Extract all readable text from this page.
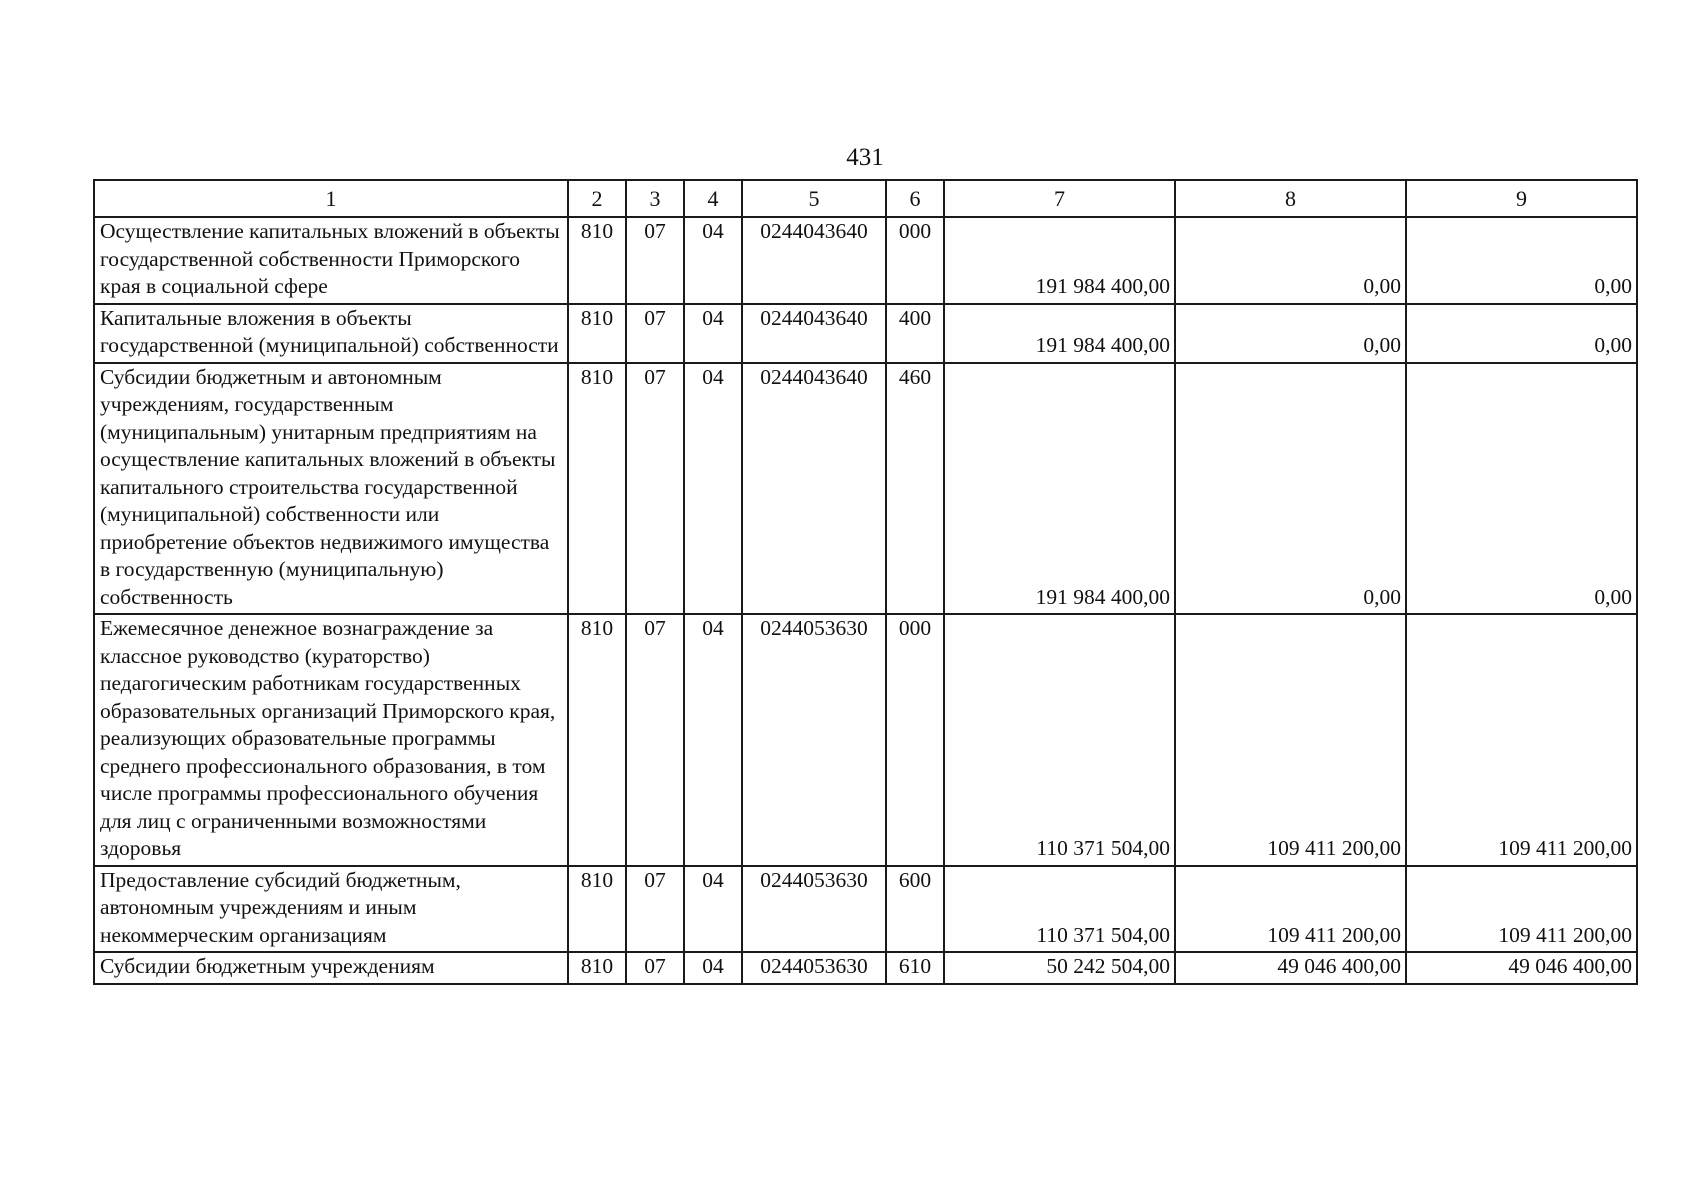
431
1	2	3	4	5	6	7	8	9
Осуществление капитальных вложений в объекты государственной собственности Приморского края в социальной сфере	810	07	04	0244043640	000	191 984 400,00	0,00	0,00
Капитальные вложения в объекты государственной (муниципальной) собственности	810	07	04	0244043640	400	191 984 400,00	0,00	0,00
Субсидии бюджетным и автономным учреждениям, государственным (муниципальным) унитарным предприятиям на осуществление капитальных вложений в объекты капитального строительства государственной (муниципальной) собственности или приобретение объектов недвижимого имущества в государственную (муниципальную) собственность	810	07	04	0244043640	460	191 984 400,00	0,00	0,00
Ежемесячное денежное вознаграждение за классное руководство (кураторство) педагогическим работникам государственных образовательных организаций Приморского края, реализующих образовательные программы среднего профессионального образования, в том числе программы профессионального обучения для лиц с ограниченными возможностями здоровья	810	07	04	0244053630	000	110 371 504,00	109 411 200,00	109 411 200,00
Предоставление субсидий бюджетным, автономным учреждениям и иным некоммерческим организациям	810	07	04	0244053630	600	110 371 504,00	109 411 200,00	109 411 200,00
Субсидии бюджетным учреждениям	810	07	04	0244053630	610	50 242 504,00	49 046 400,00	49 046 400,00
